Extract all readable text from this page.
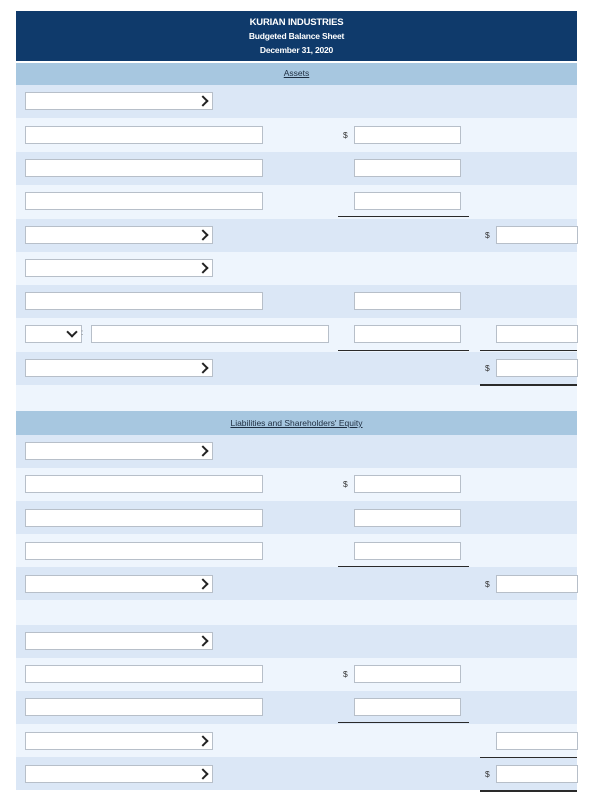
KURIAN INDUSTRIES
Budgeted Balance Sheet
December 31, 2020
Assets
Liabilities and Shareholders' Equity
$
$
:
$
$
$
$
$
